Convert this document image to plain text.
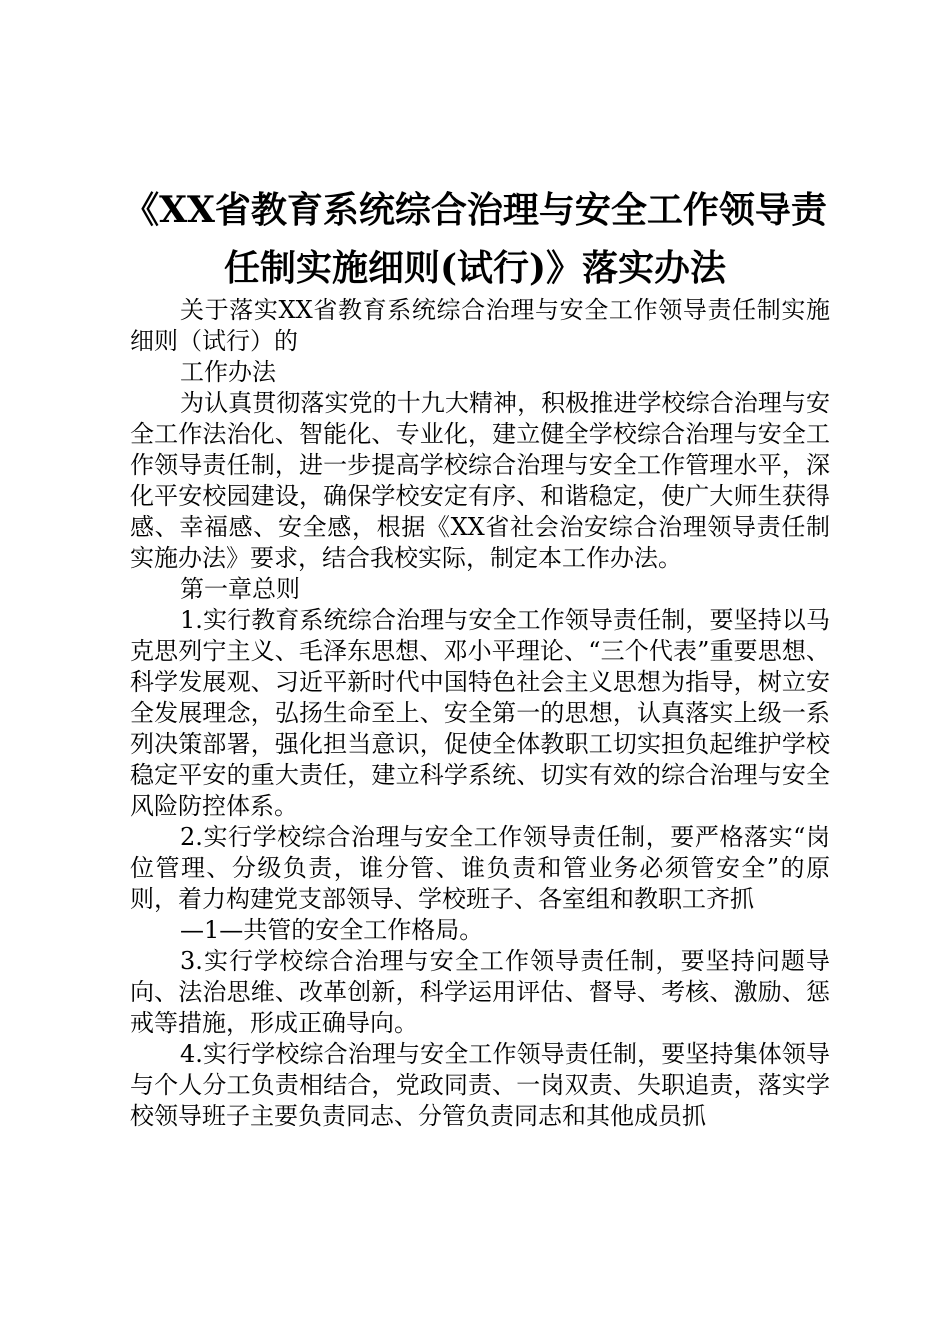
《XX省教育系统综合治理与安全工作领导责
任制实施细则(试行)》落实办法

关于落实XX省教育系统综合治理与安全工作领导责任制实施细则（试行）的

工作办法

为认真贯彻落实党的十九大精神，积极推进学校综合治理与安全工作法治化、智能化、专业化，建立健全学校综合治理与安全工作领导责任制，进一步提高学校综合治理与安全工作管理水平，深化平安校园建设，确保学校安定有序、和谐稳定，使广大师生获得感、幸福感、安全感，根据《XX省社会治安综合治理领导责任制实施办法》要求，结合我校实际，制定本工作办法。

第一章总则

1.实行教育系统综合治理与安全工作领导责任制，要坚持以马克思列宁主义、毛泽东思想、邓小平理论、“三个代表”重要思想、科学发展观、习近平新时代中国特色社会主义思想为指导，树立安全发展理念，弘扬生命至上、安全第一的思想，认真落实上级一系列决策部署，强化担当意识，促使全体教职工切实担负起维护学校稳定平安的重大责任，建立科学系统、切实有效的综合治理与安全风险防控体系。

2.实行学校综合治理与安全工作领导责任制，要严格落实“岗位管理、分级负责，谁分管、谁负责和管业务必须管安全”的原则，着力构建党支部领导、学校班子、各室组和教职工齐抓

—1—共管的安全工作格局。

3.实行学校综合治理与安全工作领导责任制，要坚持问题导向、法治思维、改革创新，科学运用评估、督导、考核、激励、惩戒等措施，形成正确导向。

4.实行学校综合治理与安全工作领导责任制，要坚持集体领导与个人分工负责相结合，党政同责、一岗双责、失职追责，落实学校领导班子主要负责同志、分管负责同志和其他成员抓
